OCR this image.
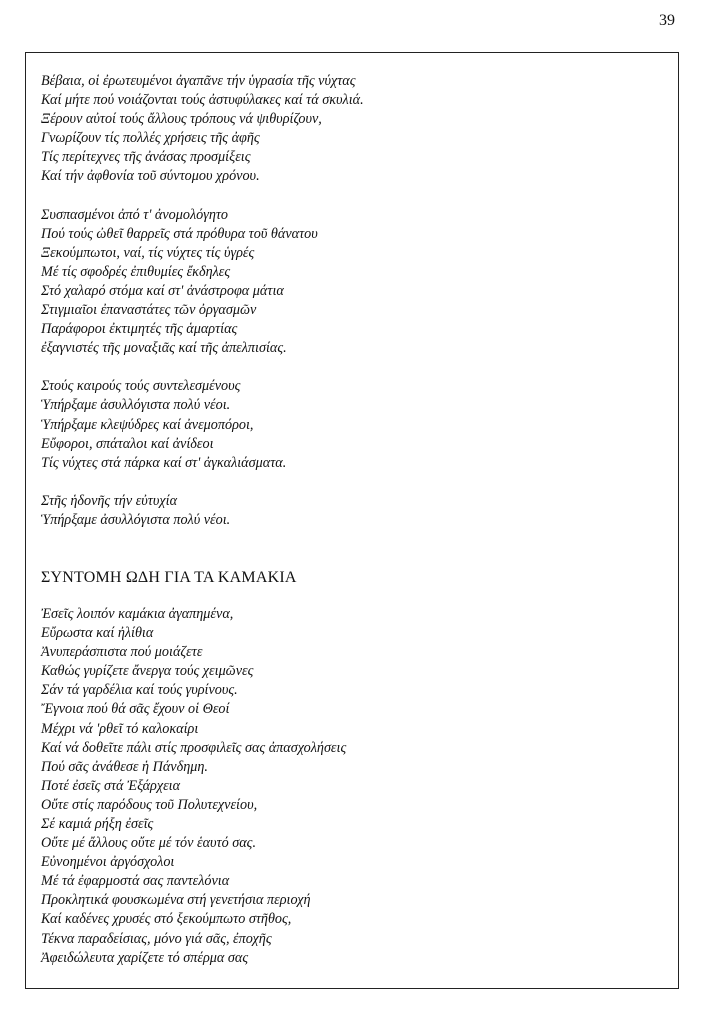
39
Βέβαια, οἱ ἐρωτευμένοι ἀγαπᾶνε τήν ὑγρασία τῆς νύχτας
Καί μήτε πού νοιάζονται τούς ἀστυφύλακες καί τά σκυλιά.
Ξέρουν αὐτοί τούς ἄλλους τρόπους νά ψιθυρίζουν,
Γνωρίζουν τίς πολλές χρήσεις τῆς ἀφῆς
Τίς περίτεχνες τῆς ἀνάσας προσμίξεις
Καί τήν ἀφθονία τοῦ σύντομου χρόνου.
Συσπασμένοι ἀπό τ' ἀνομολόγητο
Πού τούς ὠθεῖ θαρρεῖς στά πρόθυρα τοῦ θάνατου
Ξεκούμπωτοι, ναί, τίς νύχτες τίς ὑγρές
Μέ τίς σφοδρές ἐπιθυμίες ἔκδηλες
Στό χαλαρό στόμα καί στ' ἀνάστροφα μάτια
Στιγμιαῖοι ἐπαναστάτες τῶν ὀργασμῶν
Παράφοροι ἐκτιμητές τῆς ἁμαρτίας
ἐξαγνιστές τῆς μοναξιᾶς καί τῆς ἀπελπισίας.
Στούς καιρούς τούς συντελεσμένους
Ὑπήρξαμε ἀσυλλόγιστα πολύ νέοι.
Ὑπήρξαμε κλεψύδρες καί ἀνεμοπόροι,
Εὔφοροι, σπάταλοι καί ἀνίδεοι
Τίς νύχτες στά πάρκα καί στ' ἀγκαλιάσματα.
Στῆς ἡδονῆς τήν εὐτυχία
Ὑπήρξαμε ἀσυλλόγιστα πολύ νέοι.
ΣΥΝΤΟΜΗ ΩΔΗ ΓΙΑ ΤΑ ΚΑΜΑΚΙΑ
Ἐσεῖς λοιπόν καμάκια ἀγαπημένα,
Εὔρωστα καί ἠλίθια
Ἀνυπεράσπιστα πού μοιάζετε
Καθώς γυρίζετε ἄνεργα τούς χειμῶνες
Σάν τά γαρδέλια καί τούς γυρίνους.
Ἔγνοια πού θά σᾶς ἔχουν οἱ Θεοί
Μέχρι νά 'ρθεῖ τό καλοκαίρι
Καί νά δοθεῖτε πάλι στίς προσφιλεῖς σας ἀπασχολήσεις
Πού σᾶς ἀνάθεσε ἡ Πάνδημη.
Ποτέ ἐσεῖς στά Ἐξάρχεια
Οὔτε στίς παρόδους τοῦ Πολυτεχνείου,
Σέ καμιά ρήξη ἐσεῖς
Οὔτε μέ ἄλλους οὔτε μέ τόν ἑαυτό σας.
Εὐνοημένοι ἀργόσχολοι
Μέ τά ἐφαρμοστά σας παντελόνια
Προκλητικά φουσκωμένα στή γενετήσια περιοχή
Καί καδένες χρυσές στό ξεκούμπωτο στῆθος,
Τέκνα παραδείσιας, μόνο γιά σᾶς, ἐποχῆς
Ἀφειδώλευτα χαρίζετε τό σπέρμα σας
